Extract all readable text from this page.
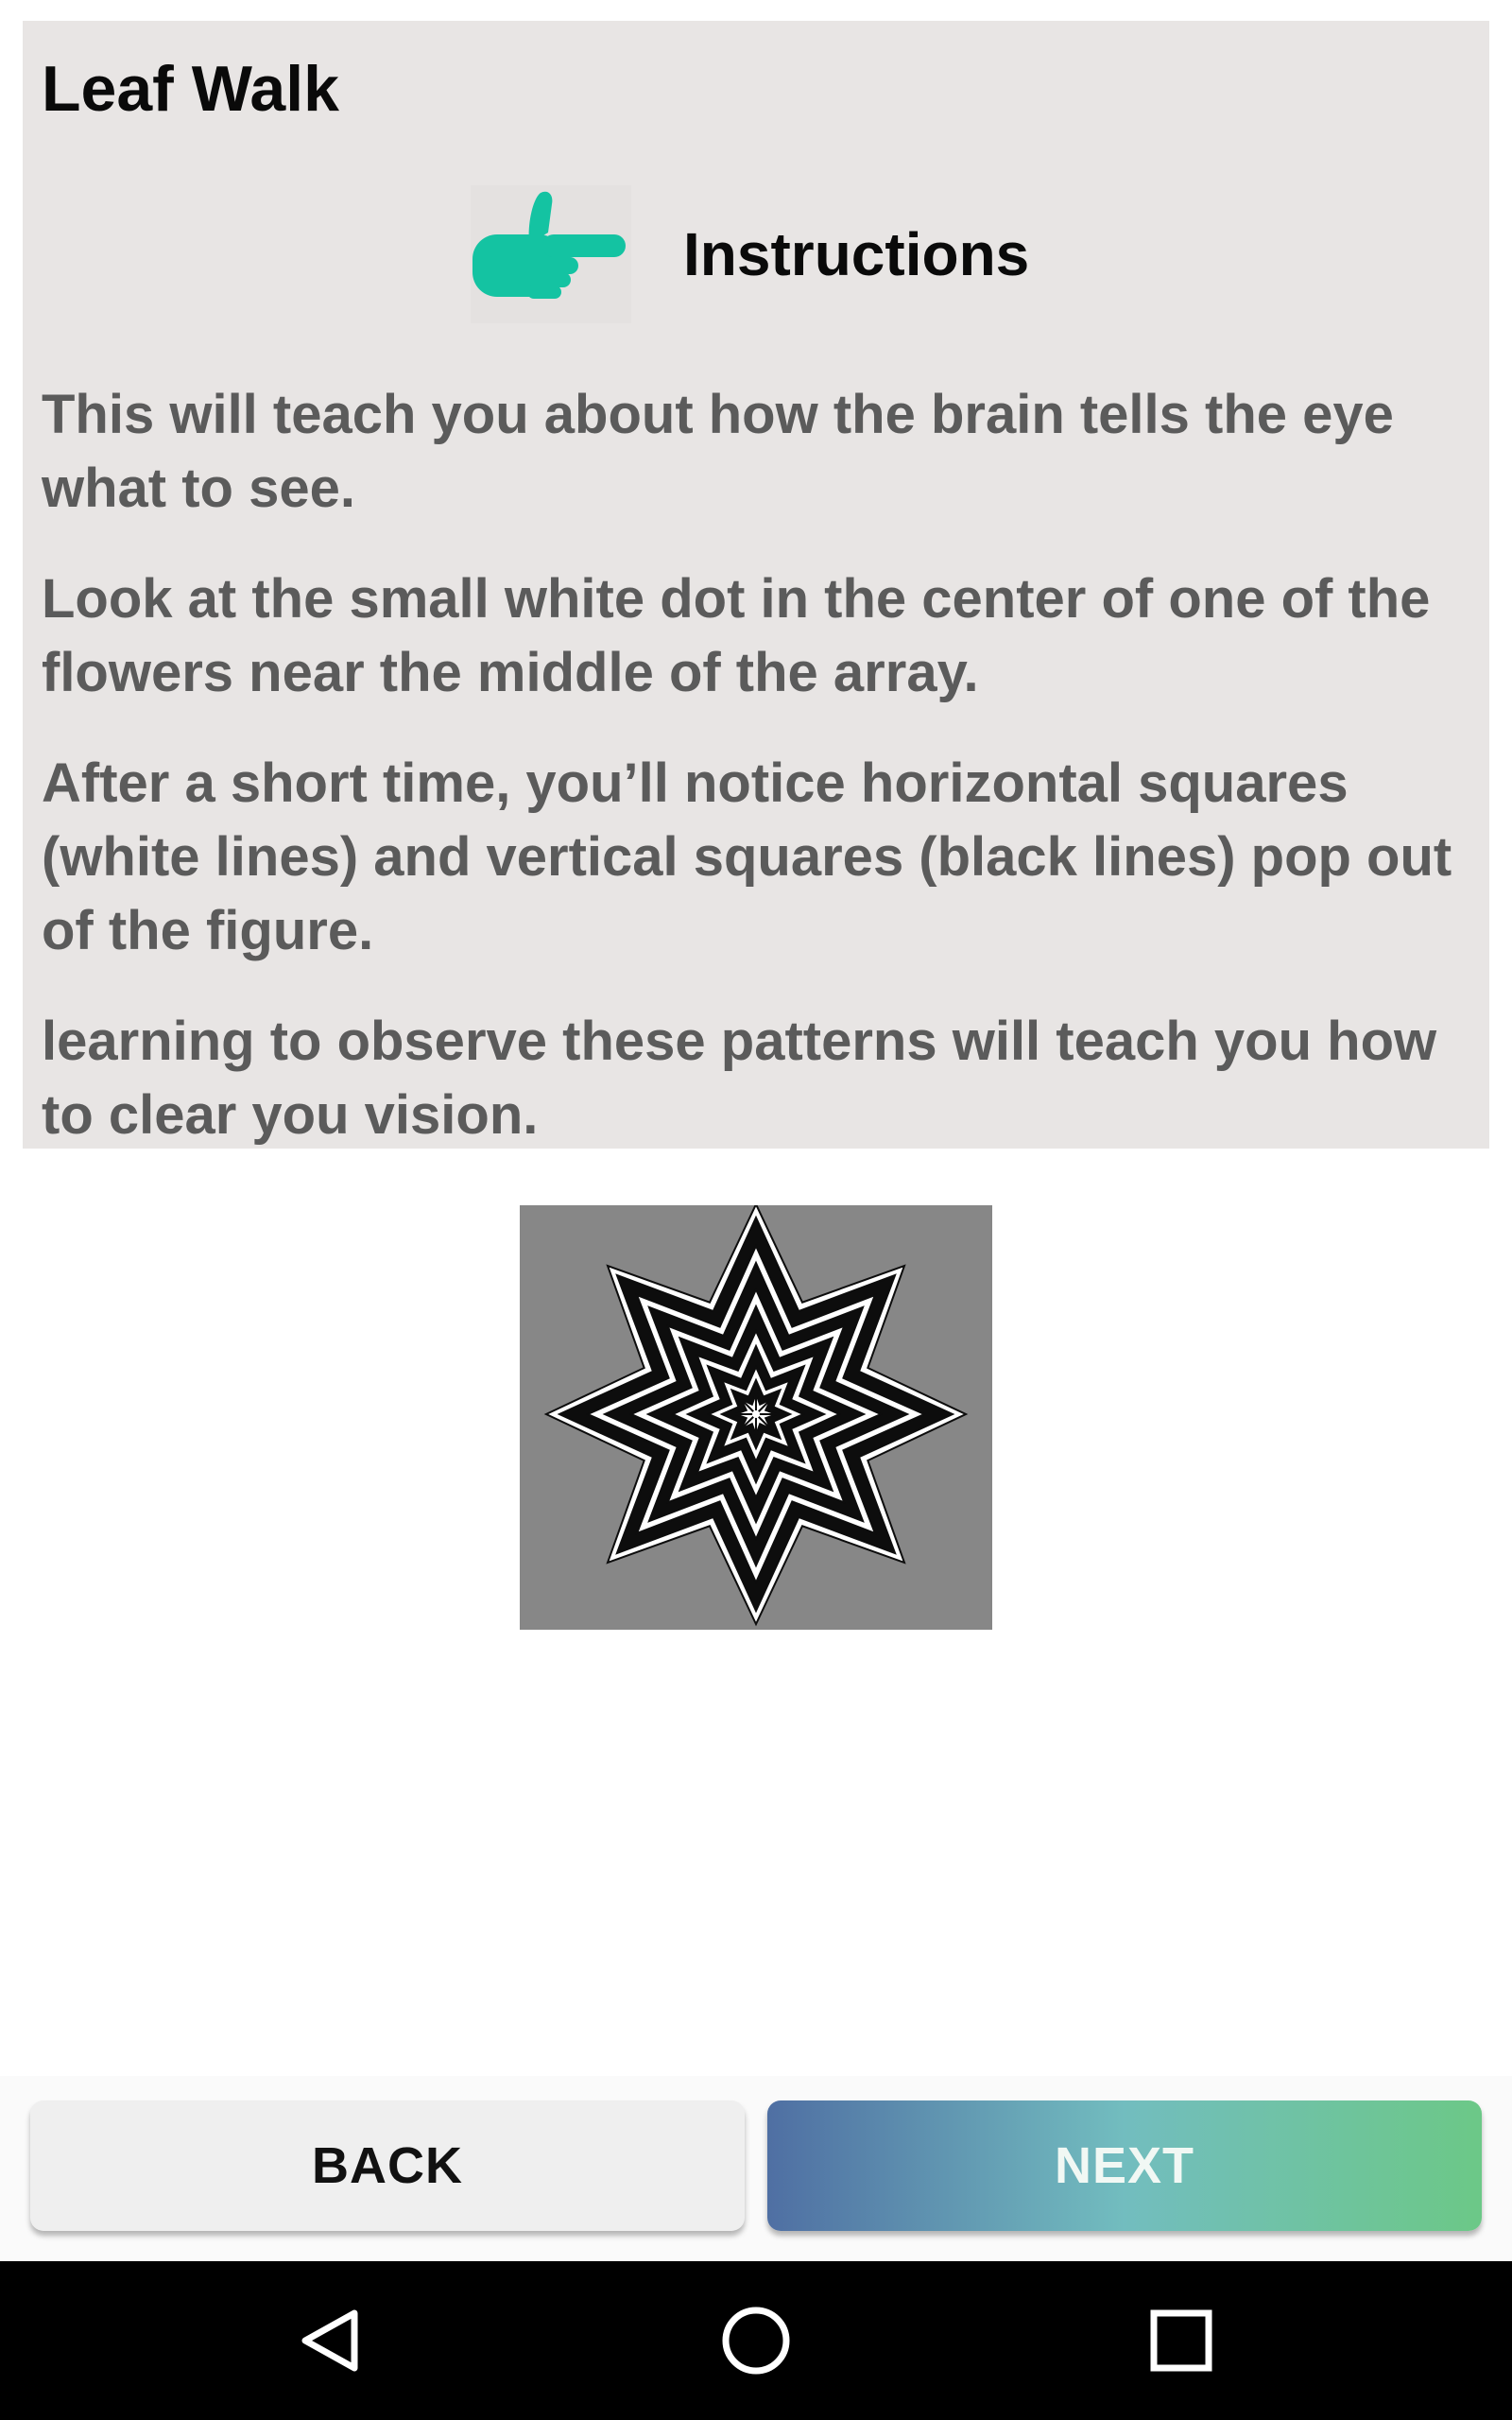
Leaf Walk
Instructions

This will teach you about how the brain tells the eye what to see.

Look at the small white dot in the center of one of the flowers near the middle of the array.

After a short time, you’ll notice horizontal squares (white lines) and vertical squares (black lines) pop out of the figure.

learning to observe these patterns will teach you how to clear you vision.

BACK	NEXT
